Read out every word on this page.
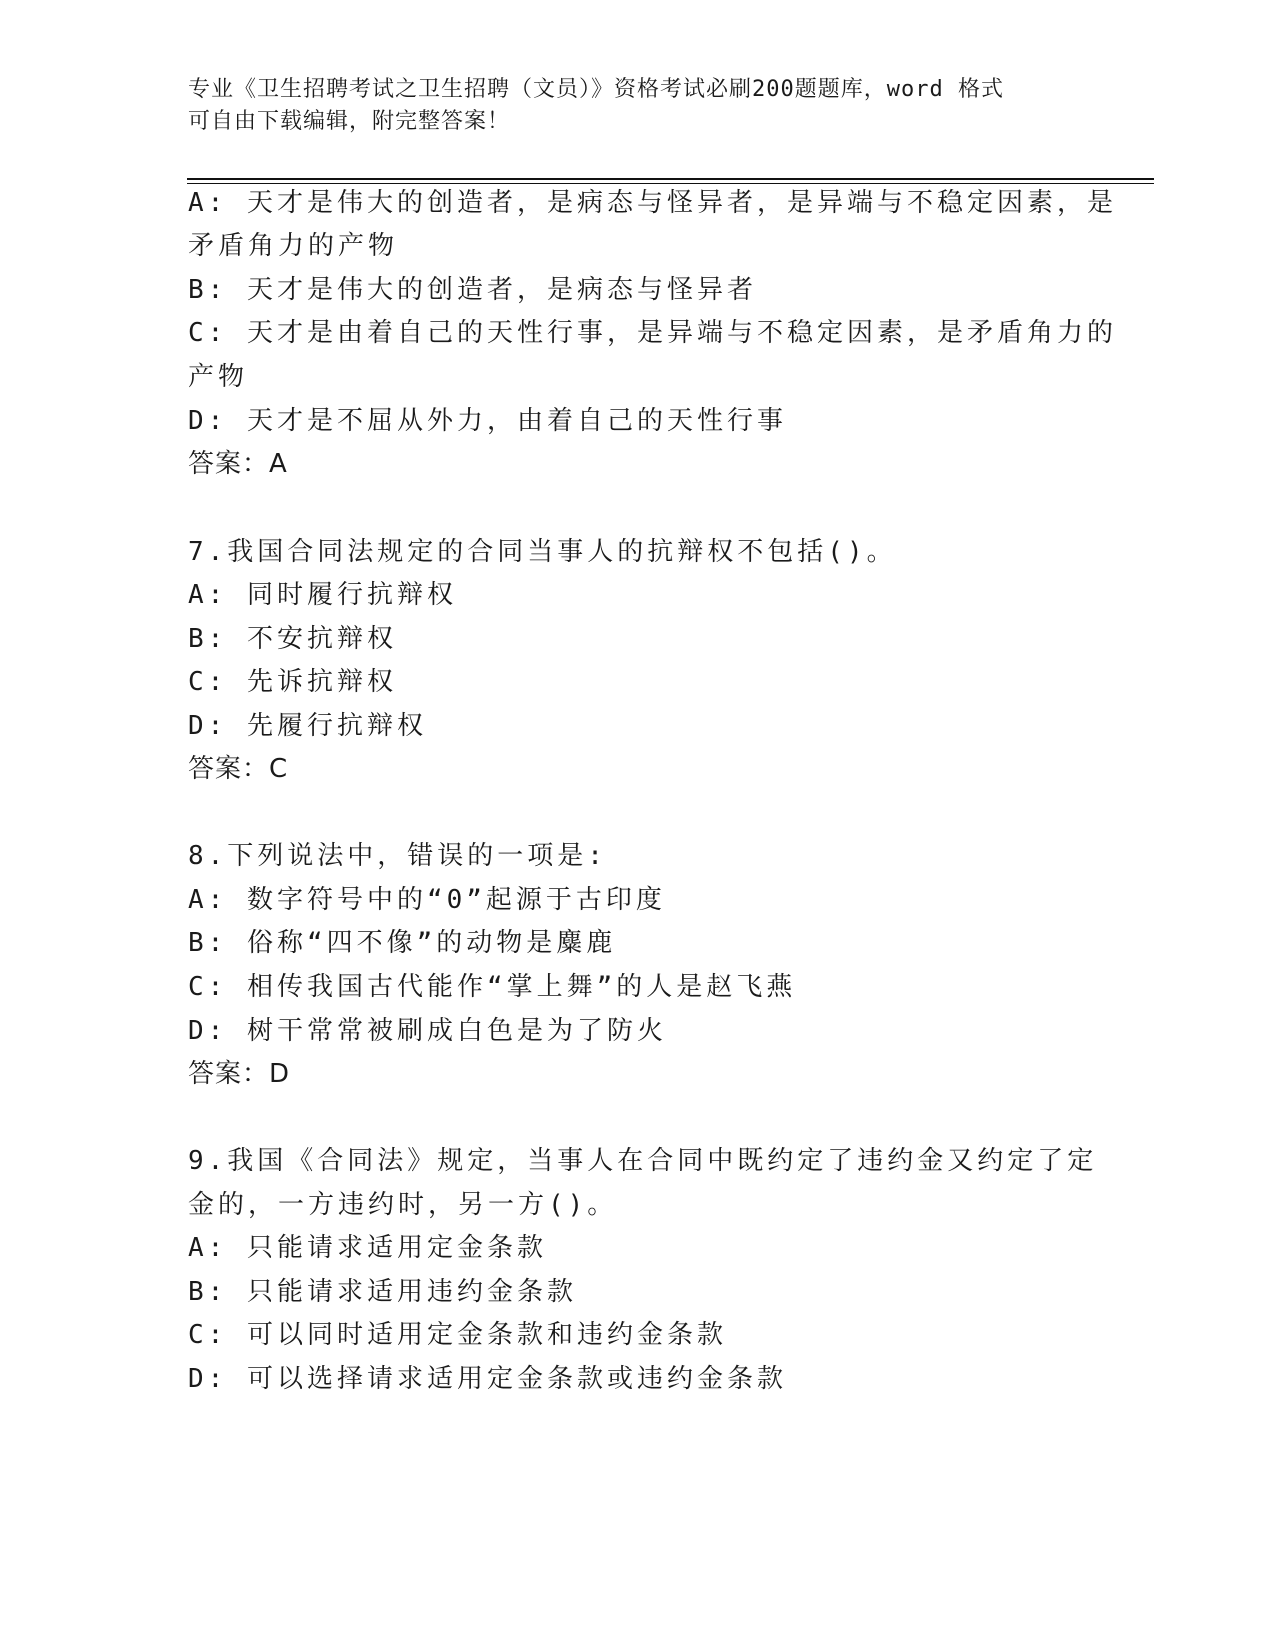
专业《卫生招聘考试之卫生招聘（文员）》资格考试必刷200题题库，word 格式
可自由下载编辑，附完整答案！
A: 天才是伟大的创造者，是病态与怪异者，是异端与不稳定因素，是
矛盾角力的产物
B: 天才是伟大的创造者，是病态与怪异者
C: 天才是由着自己的天性行事，是异端与不稳定因素，是矛盾角力的
产物
D: 天才是不屈从外力，由着自己的天性行事
答案：A
7.我国合同法规定的合同当事人的抗辩权不包括()。
A: 同时履行抗辩权
B: 不安抗辩权
C: 先诉抗辩权
D: 先履行抗辩权
答案：C
8.下列说法中，错误的一项是:
A: 数字符号中的“0”起源于古印度
B: 俗称“四不像”的动物是麋鹿
C: 相传我国古代能作“掌上舞”的人是赵飞燕
D: 树干常常被刷成白色是为了防火
答案：D
9.我国《合同法》规定，当事人在合同中既约定了违约金又约定了定
金的，一方违约时，另一方()。
A: 只能请求适用定金条款
B: 只能请求适用违约金条款
C: 可以同时适用定金条款和违约金条款
D: 可以选择请求适用定金条款或违约金条款
